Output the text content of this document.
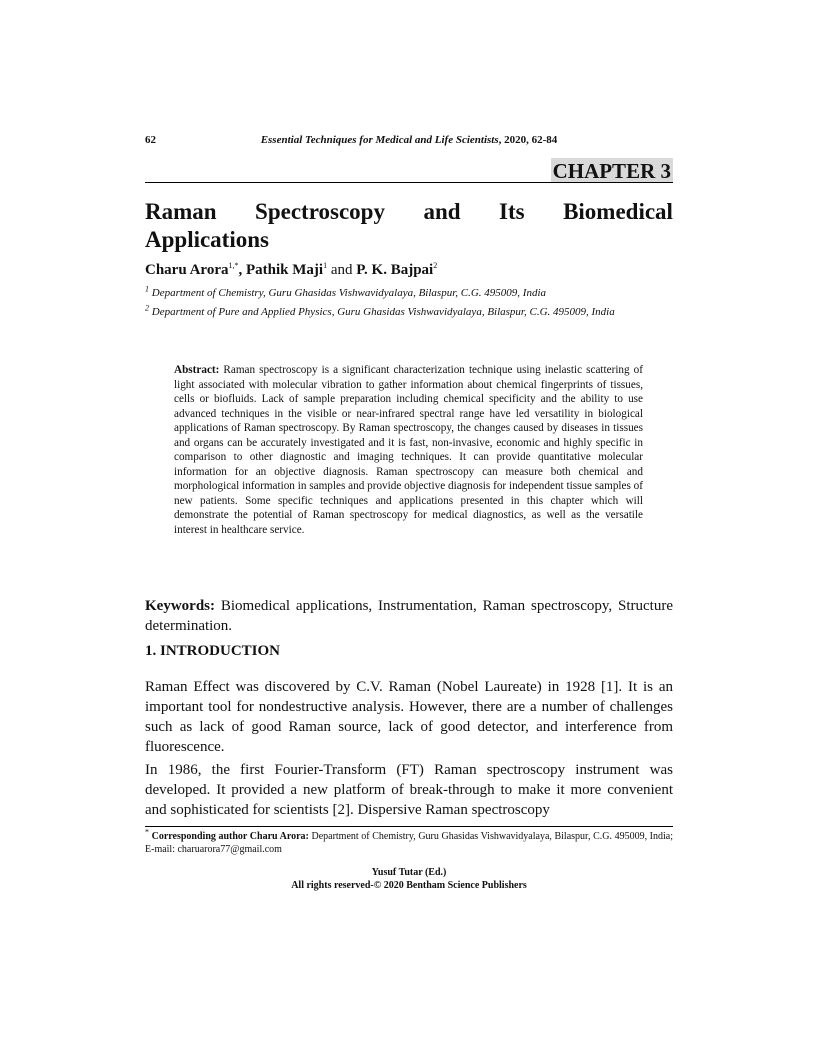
62	Essential Techniques for Medical and Life Scientists, 2020, 62-84
CHAPTER 3
Raman Spectroscopy and Its Biomedical
Applications
Charu Arora$^{1,*}$, Pathik Maji$^1$ and P. K. Bajpai$^2$
$^1$ Department of Chemistry, Guru Ghasidas Vishwavidyalaya, Bilaspur, C.G. 495009, India
$^2$ Department of Pure and Applied Physics, Guru Ghasidas Vishwavidyalaya, Bilaspur, C.G. 495009, India
Abstract: Raman spectroscopy is a significant characterization technique using inelastic scattering of light associated with molecular vibration to gather information about chemical fingerprints of tissues, cells or biofluids. Lack of sample preparation including chemical specificity and the ability to use advanced techniques in the visible or near-infrared spectral range have led versatility in biological applications of Raman spectroscopy. By Raman spectroscopy, the changes caused by diseases in tissues and organs can be accurately investigated and it is fast, non-invasive, economic and highly specific in comparison to other diagnostic and imaging techniques. It can provide quantitative molecular information for an objective diagnosis. Raman spectroscopy can measure both chemical and morphological information in samples and provide objective diagnosis for independent tissue samples of new patients. Some specific techniques and applications presented in this chapter which will demonstrate the potential of Raman spectroscopy for medical diagnostics, as well as the versatile interest in healthcare service.
Keywords: Biomedical applications, Instrumentation, Raman spectroscopy, Structure determination.
1. INTRODUCTION
Raman Effect was discovered by C.V. Raman (Nobel Laureate) in 1928 [1]. It is an important tool for nondestructive analysis. However, there are a number of challenges such as lack of good Raman source, lack of good detector, and interference from fluorescence.
In 1986, the first Fourier-Transform (FT) Raman spectroscopy instrument was developed. It provided a new platform of break-through to make it more convenient and sophisticated for scientists [2]. Dispersive Raman spectroscopy
* Corresponding author Charu Arora: Department of Chemistry, Guru Ghasidas Vishwavidyalaya, Bilaspur, C.G. 495009, India; E-mail: charuarora77@gmail.com
Yusuf Tutar (Ed.)
All rights reserved-© 2020 Bentham Science Publishers
